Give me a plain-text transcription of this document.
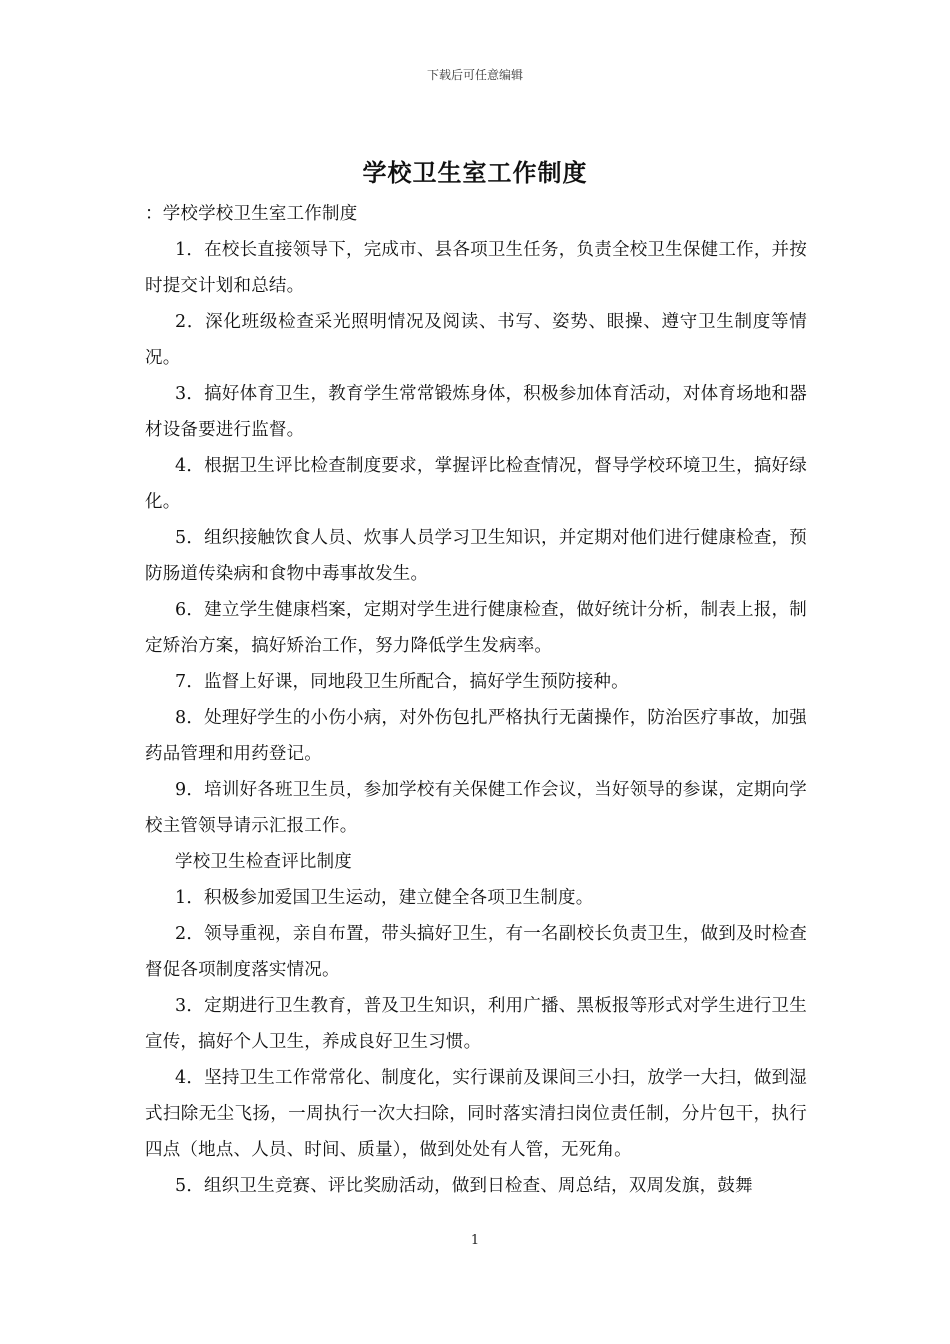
下载后可任意编辑
学校卫生室工作制度

：学校学校卫生室工作制度

1．在校长直接领导下，完成市、县各项卫生任务，负责全校卫生保健工作，并按时提交计划和总结。

2．深化班级检查采光照明情况及阅读、书写、姿势、眼操、遵守卫生制度等情况。

3．搞好体育卫生，教育学生常常锻炼身体，积极参加体育活动，对体育场地和器材设备要进行监督。

4．根据卫生评比检查制度要求，掌握评比检查情况，督导学校环境卫生，搞好绿化。

5．组织接触饮食人员、炊事人员学习卫生知识，并定期对他们进行健康检查，预防肠道传染病和食物中毒事故发生。

6．建立学生健康档案，定期对学生进行健康检查，做好统计分析，制表上报，制定矫治方案，搞好矫治工作，努力降低学生发病率。

7．监督上好课，同地段卫生所配合，搞好学生预防接种。

8．处理好学生的小伤小病，对外伤包扎严格执行无菌操作，防治医疗事故，加强药品管理和用药登记。

9．培训好各班卫生员，参加学校有关保健工作会议，当好领导的参谋，定期向学校主管领导请示汇报工作。

学校卫生检查评比制度

1．积极参加爱国卫生运动，建立健全各项卫生制度。

2．领导重视，亲自布置，带头搞好卫生，有一名副校长负责卫生，做到及时检查督促各项制度落实情况。

3．定期进行卫生教育，普及卫生知识，利用广播、黑板报等形式对学生进行卫生宣传，搞好个人卫生，养成良好卫生习惯。

4．坚持卫生工作常常化、制度化，实行课前及课间三小扫，放学一大扫，做到湿式扫除无尘飞扬，一周执行一次大扫除，同时落实清扫岗位责任制，分片包干，执行四点（地点、人员、时间、质量），做到处处有人管，无死角。

5．组织卫生竞赛、评比奖励活动，做到日检查、周总结，双周发旗，鼓舞

1
